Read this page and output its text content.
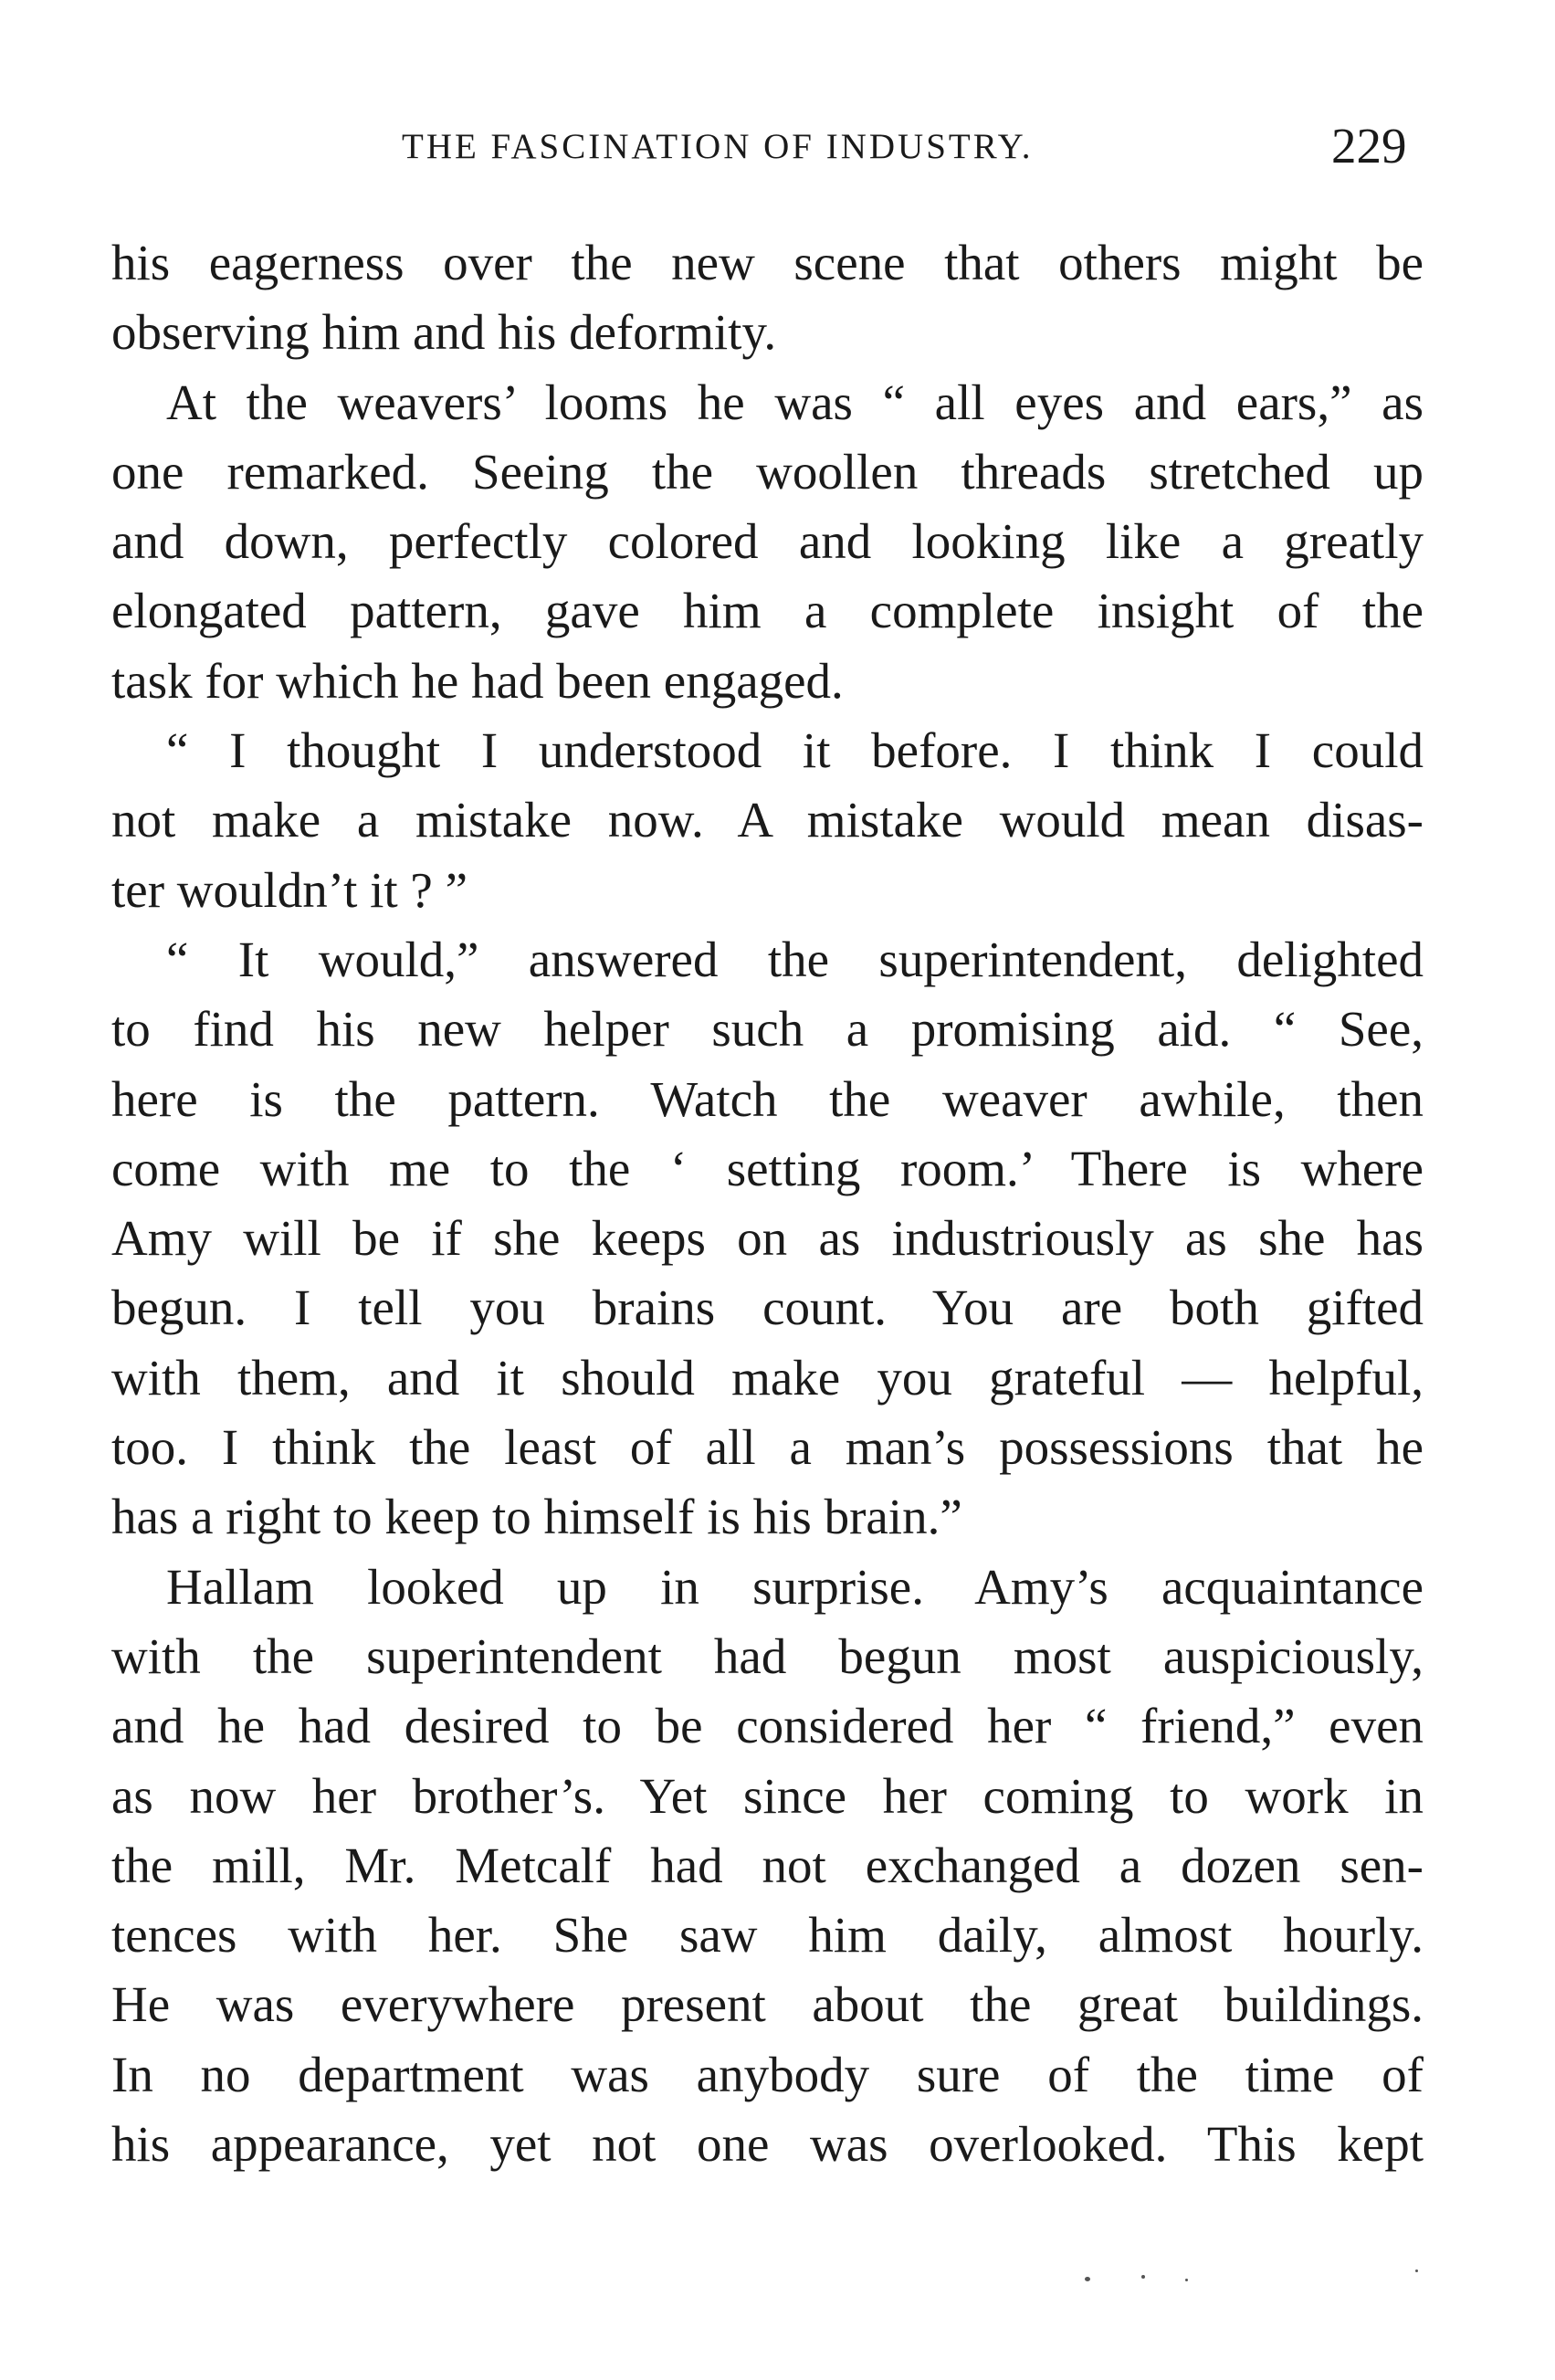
THE FASCINATION OF INDUSTRY.	229
his eagerness over the new scene that others might be
observing him and his deformity.
At the weavers’ looms he was “ all eyes and ears,” as
one remarked. Seeing the woollen threads stretched up
and down, perfectly colored and looking like a greatly
elongated pattern, gave him a complete insight of the
task for which he had been engaged.
“ I thought I understood it before. I think I could
not make a mistake now. A mistake would mean disas-
ter wouldn’t it ? ”
“ It would,” answered the superintendent, delighted
to find his new helper such a promising aid. “ See,
here is the pattern. Watch the weaver awhile, then
come with me to the ‘ setting room.’ There is where
Amy will be if she keeps on as industriously as she has
begun. I tell you brains count. You are both gifted
with them, and it should make you grateful — helpful,
too. I think the least of all a man’s possessions that he
has a right to keep to himself is his brain.”
Hallam looked up in surprise. Amy’s acquaintance
with the superintendent had begun most auspiciously,
and he had desired to be considered her “ friend,” even
as now her brother’s. Yet since her coming to work in
the mill, Mr. Metcalf had not exchanged a dozen sen-
tences with her. She saw him daily, almost hourly.
He was everywhere present about the great buildings.
In no department was anybody sure of the time of
his appearance, yet not one was overlooked. This kept
